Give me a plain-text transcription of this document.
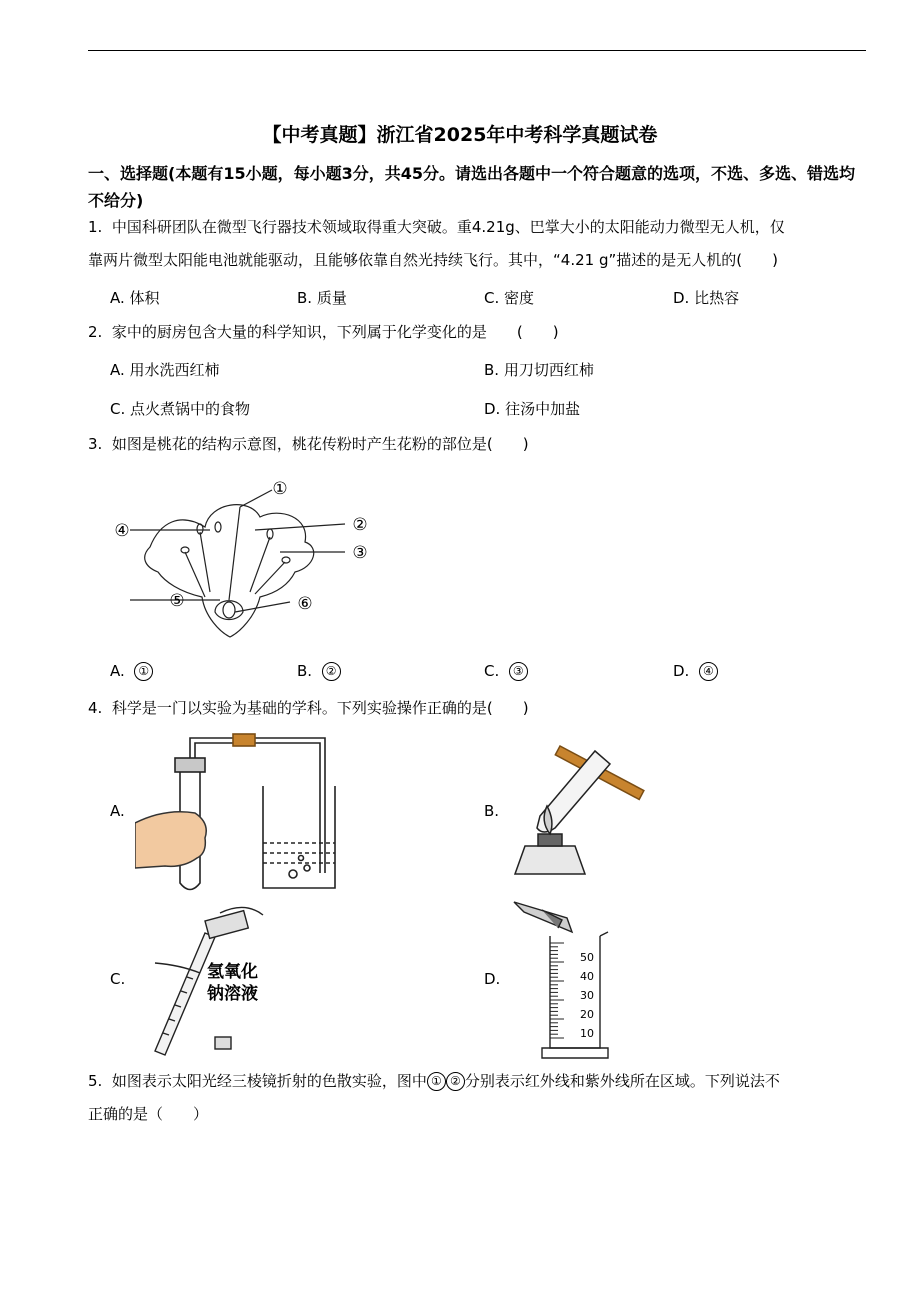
【中考真题】浙江省2025年中考科学真题试卷
一、选择题(本题有15小题，每小题3分，共45分。请选出各题中一个符合题意的选项，不选、多选、错选均不给分)
1. 中国科研团队在微型飞行器技术领域取得重大突破。重4.21g、巴掌大小的太阳能动力微型无人机，仅
靠两片微型太阳能电池就能驱动，且能够依靠自然光持续飞行。其中，“4.21 g”描述的是无人机的(　　)
A. 体积	B. 质量	C. 密度	D. 比热容
2. 家中的厨房包含大量的科学知识，下列属于化学变化的是　　(　　)
A. 用水洗西红柿	B. 用刀切西红柿
C. 点火煮锅中的食物	D. 往汤中加盐
3. 如图是桃花的结构示意图，桃花传粉时产生花粉的部位是(　　)
①
②
③
④
⑤	⑥
A. ①	B. ②	C. ③	D. ④
4. 科学是一门以实验为基础的学科。下列实验操作正确的是(　　)
A.	B.
C.	D.
氢氧化
钠溶液
50
40
30
20
10
5. 如图表示太阳光经三棱镜折射的色散实验，图中 ① ② 分别表示红外线和紫外线所在区域。下列说法不
正确的是（　　）
